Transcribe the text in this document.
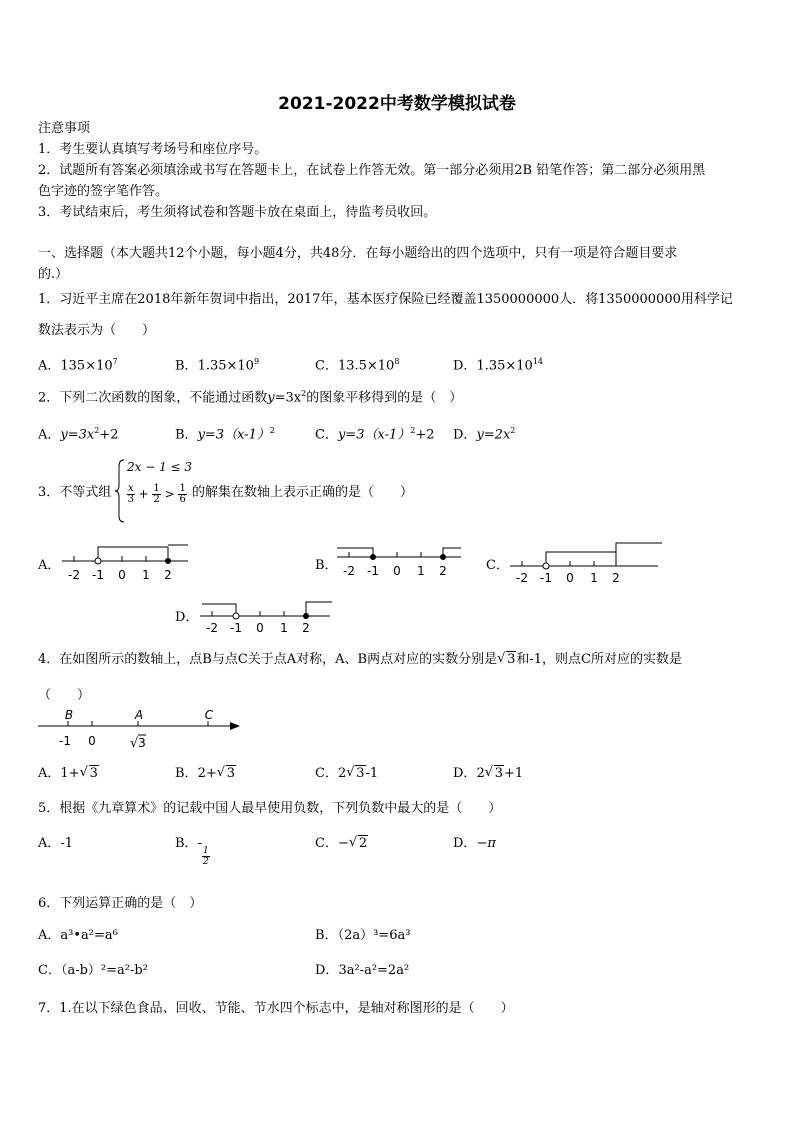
2021-2022中考数学模拟试卷
注意事项
1．考生要认真填写考场号和座位序号。
2．试题所有答案必须填涂或书写在答题卡上，在试卷上作答无效。第一部分必须用2B 铅笔作答；第二部分必须用黑
色字迹的签字笔作答。
3．考试结束后，考生须将试卷和答题卡放在桌面上，待监考员收回。
一、选择题（本大题共12个小题，每小题4分，共48分．在每小题给出的四个选项中，只有一项是符合题目要求
的.）
1．习近平主席在2018年新年贺词中指出，2017年，基本医疗保险已经覆盖1350000000人．将1350000000用科学记
数法表示为（　　）
A．$135\times 10^7$	B．$1.35\times 10^9$	C．$13.5\times 10^8$	D．$1.35\times 10^{14}$
2．下列二次函数的图象，不能通过函数$y=3x^2$的图象平移得到的是（　）
A．$y=3x^2+2$	B．$y=3(x-1)^2$	C．$y=3(x-1)^2+2$ D．$y=2x^2$
3．不等式组
2x − 1 ≤ 3
$\frac{x}{3} + \frac{1}{2} > \frac{1}{6}$ 的解集在数轴上表示正确的是（　　）
A．	B．	C．
D．
-2 -1 0 1 2	-2 -1 0 1 2	-2 -1 0 1 2
-2 -1 0 1 2
4．在如图所示的数轴上，点B与点C关于点A对称，A、B两点对应的实数分别是 √ 3和-1，则点C所对应的实数是
（　　）
B	A	C
-1 0	√ 3
A．1+ √ 3	B．2+ √ 3	C．2 √ 3-1	D．2 √ 3+1
5．根据《九章算术》的记载中国人最早使用负数，下列负数中最大的是（　　）
A．-1	B．- 1
2
C．− √ 2	D．−π
6．下列运算正确的是（　）
A．a³•a²=a⁶	B．（2a）³=6a³
C．（a-b）²=a²-b²	D．3a²-a²=2a²
7．1.在以下绿色食品、回收、节能、节水四个标志中，是轴对称图形的是（　　）
